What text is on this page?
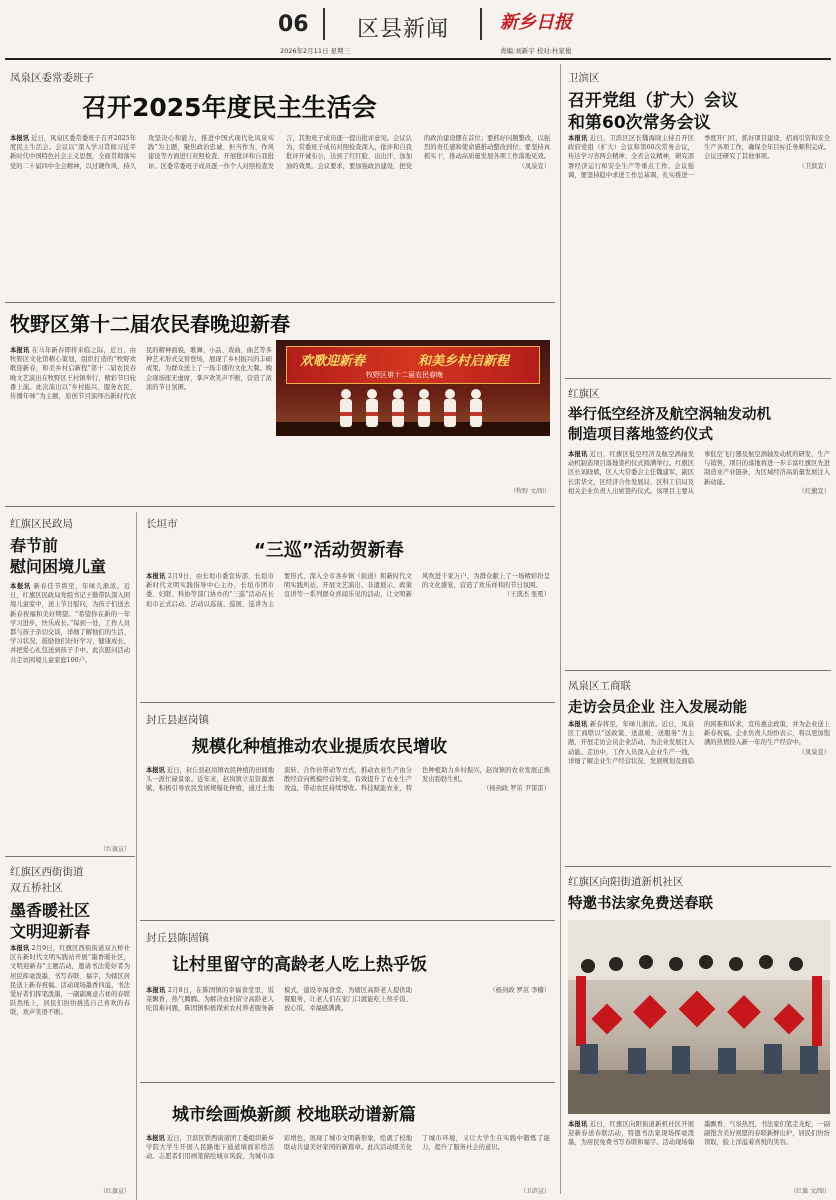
06 区县新闻	新乡日报
2026年2月11日 星期三	责编:刘新宇 校对:杜家俊
凤泉区委常委班子
召开2025年度民主生活会
本报讯 近日，凤泉区委常委班子召开2025年度民主生活会。会议以“深入学习贯彻习近平新时代中国特色社会主义思想，全面贯彻落实党的二十届四中全会精神，以过硬作风、持久攻坚决心和能力，推进中国式现代化凤泉实践”为主题，聚焦政治忠诚、担当作为、作风建设等方面进行对照检查、开展批评和自我批评。区委常委班子成员逐一作个人对照检查发言，其他班子成员逐一提出批评意见。会议认为，常委班子成员对照检查深入，批评和自我批评开诚布公，达到了红红脸、出出汗、加加油的效果。会议要求，要加强政治建设，把党的政治建设摆在首位；要抓好问题整改，以强烈的责任感和使命感推动整改到位；要坚持真抓实干，推动高质量发展各项工作落地见效。
（凤泉宣）
卫滨区
召开党组（扩大）会议
和第60次常务会议
本报讯 近日，卫滨区区长魏海晓主持召开区政府党组（扩大）会议和第60次常务会议，传达学习省两会精神、全省会议精神，研究部署经济运行和安全生产等重点工作。会议强调，要坚持稳中求进工作总基调，扎实推进一季度开门红，抓好项目建设、招商引资和安全生产各项工作，确保全年目标任务顺利完成。会议还研究了其他事项。
（卫滨宣）
牧野区第十二届农民春晚迎新春
本报讯 在马年新春即将来临之际，近日，由牧野区文化馆精心策划，组织打造的“牧野欢歌迎新春，和美乡村启新程”第十二届农民春晚文艺演出在牧野区王村镇举行，精彩节目轮番上演。此次演出以“乡村振兴、服务农民、传播年味”为主题，原创节目演绎出新时代农民的精神面貌，歌舞、小品、戏曲、曲艺等多种艺术形式交替登场，展现了乡村振兴的丰硕成果，为群众送上了一场丰盛的文化大餐。晚会现场座无虚席，掌声欢笑声不断，营造了浓浓的节日氛围。
（牧野 文/图）
欢歌迎新春	和美乡村启新程
牧野区第十二届农民春晚
红旗区民政局
春节前
慰问困境儿童
本报讯 新春佳节将至，年味儿渐浓。近日，红旗区民政局党组书记王勤带队深入困境儿童家中，送上节日慰问，为孩子们送去新春祝福和美好期望。“希望你在新的一年学习进步，快乐成长。”每到一处，工作人员都与孩子亲切交谈，详细了解他们的生活、学习状况，鼓励他们好好学习、健康成长，并把爱心礼包送到孩子手中。此次慰问活动共走访困境儿童家庭100户。
（红旗宣）
长垣市
“三巡”活动贺新春
本报讯 2月9日，由长垣市委宣传部、长垣市新时代文明实践指导中心主办，长垣市团市委、妇联、科协等部门协办的“三巡”活动在长垣市正式启动。活动以巡演、巡展、巡讲为主要形式，深入全市各乡镇（街道）和新时代文明实践所站，开展文艺演出、非遗展示、政策宣讲等一系列群众喜闻乐见的活动，让文明新风吹进千家万户，为群众献上了一场精彩纷呈的文化盛宴，营造了欢乐祥和的节日氛围。
（王凯杰 张冕）
封丘县赵岗镇
规模化种植推动农业提质农民增收
本报讯 近日，封丘县赵岗镇农民种植的田间地头一派忙碌景象。近年来，赵岗镇立足资源禀赋，积极引导农民发展规模化种植，通过土地流转、合作社带动等方式，推动农业生产由分散经营向规模经营转变，有效提升了农业生产效益，带动农民持续增收。科技赋能农业，特色种植助力乡村振兴，赵岗镇的农业发展正焕发出勃勃生机。
（杨剑政 罗茁 尹雷雷）
红旗区西街街道
双五桥社区
墨香暖社区
文明迎新春
本报讯 2月9日，红旗区西街街道双五桥社区在新时代文明实践站开展“墨香暖社区，文明迎新春”主题活动，邀请书法爱好者为居民挥毫泼墨、书写春联、福字，为辖区居民送上新春祝福。活动现场墨香四溢，书法爱好者们挥笔泼墨，一副副寓意吉祥的春联跃然纸上，居民们纷纷挑选自己喜欢的春联，欢声笑语不断。
（红旗宣）
封丘县陈固镇
让村里留守的高龄老人吃上热乎饭
本报讯 2月8日，在陈固镇的幸福食堂里，饭菜飘香，热气腾腾。为解决农村留守高龄老人吃饭难问题，陈固镇积极探索农村养老服务新模式，建设幸福食堂，为辖区高龄老人提供助餐服务，让老人们在家门口就能吃上热乎饭、放心饭，幸福感满满。
（杨剑政 罗茁 李楠）
城市绘画焕新颜 校地联动谱新篇
本报讯 近日，卫滨区铁西街道团工委组织新乡学院大学生开展人民路地下通道墙面彩绘活动。志愿者们用画笔描绘城市风貌，为城市添彩增色，展现了城市文明新形象，绘就了校地联动共建美好家园的新篇章。此次活动既美化了城市环境，又让大学生在实践中锻炼了能力，提升了服务社会的意识。
（卫滨宣）
红旗区
举行低空经济及航空涡轴发动机
制造项目落地签约仪式
本报讯 近日，红旗区低空经济及航空涡轴发动机制造项目落地签约仪式圆满举行。红旗区区长刘晓斌，区人大常委会主任魏建军，副区长雷华文，区经济合作发展局、区科工信局及相关企业负责人出席签约仪式。该项目主要从事低空飞行器及航空涡轴发动机的研发、生产与销售，项目的落地将进一步丰富红旗区先进制造业产业链条，为区域经济高质量发展注入新动能。
（红旗宣）
凤泉区工商联
走访会员企业 注入发展动能
本报讯 新春将至，年味儿渐浓。近日，凤泉区工商联以“送政策、送温暖、送服务”为主题，开展走访会员企业活动，为企业发展注入动能。走访中，工作人员深入企业生产一线，详细了解企业生产经营状况、发展规划及面临的困难和诉求，宣传惠企政策，并为企业送上新春祝福。企业负责人纷纷表示，将以更加饱满的热情投入新一年的生产经营中。
（凤泉宣）
红旗区向阳街道新机社区
特邀书法家免费送春联
本报讯 近日，红旗区向阳街道新机社区开展迎新春送春联活动，特邀书法家现场挥毫泼墨，为居民免费书写春联和福字。活动现场翰墨飘香、气氛热烈，书法家们笔走龙蛇，一副副饱含美好祝愿的春联新鲜出炉，居民们纷纷领取，脸上洋溢着喜悦的笑容。
（红旗 文/图）
